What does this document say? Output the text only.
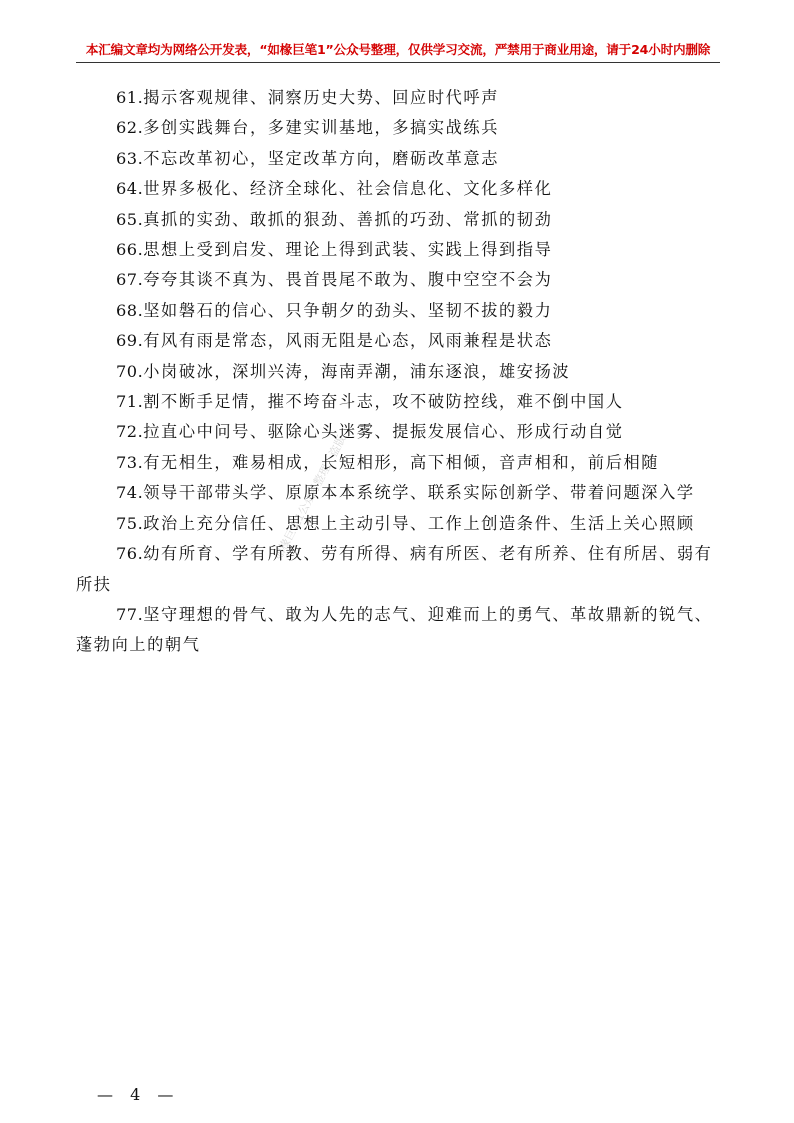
本汇编文章均为网络公开发表，“如椽巨笔1”公众号整理，仅供学习交流，严禁用于商业用途，请于24小时内删除
如椽巨笔1公众号整理，盗版

61.揭示客观规律、洞察历史大势、回应时代呼声

62.多创实践舞台，多建实训基地，多搞实战练兵

63.不忘改革初心，坚定改革方向，磨砺改革意志

64.世界多极化、经济全球化、社会信息化、文化多样化

65.真抓的实劲、敢抓的狠劲、善抓的巧劲、常抓的韧劲

66.思想上受到启发、理论上得到武装、实践上得到指导

67.夸夸其谈不真为、畏首畏尾不敢为、腹中空空不会为

68.坚如磐石的信心、只争朝夕的劲头、坚韧不拔的毅力

69.有风有雨是常态，风雨无阻是心态，风雨兼程是状态

70.小岗破冰，深圳兴涛，海南弄潮，浦东逐浪，雄安扬波

71.割不断手足情，摧不垮奋斗志，攻不破防控线，难不倒中国人

72.拉直心中问号、驱除心头迷雾、提振发展信心、形成行动自觉

73.有无相生，难易相成，长短相形，高下相倾，音声相和，前后相随

74.领导干部带头学、原原本本系统学、联系实际创新学、带着问题深入学

75.政治上充分信任、思想上主动引导、工作上创造条件、生活上关心照顾

76.幼有所育、学有所教、劳有所得、病有所医、老有所养、住有所居、弱有所扶

77.坚守理想的骨气、敢为人先的志气、迎难而上的勇气、革故鼎新的锐气、蓬勃向上的朝气

— 4 —
